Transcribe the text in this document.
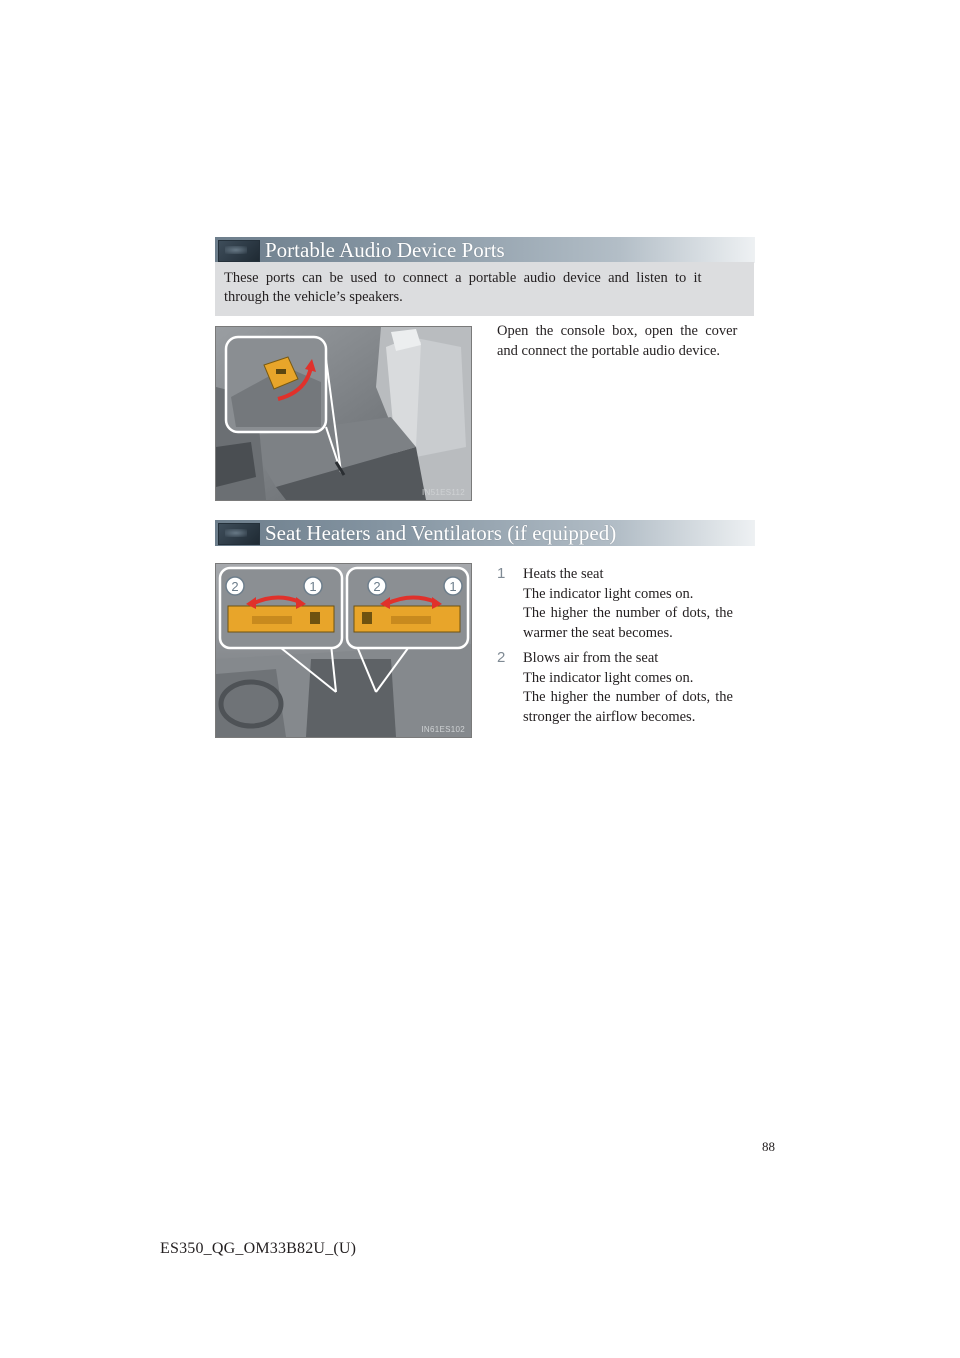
Portable Audio Device Ports
These  ports  can  be  used  to  connect  a  portable  audio  device  and  listen  to  it
through the vehicle’s speakers.
IN51ES112
Open  the  console  box,  open  the  cover
and connect the portable audio device.
Seat Heaters and Ventilators (if equipped)
2	1	2	1
IN61ES102
1	Heats the seat
The indicator light comes on.
The higher the number of dots, the
warmer the seat becomes.
2	Blows air from the seat
The indicator light comes on.
The higher the number of dots, the
stronger the airflow becomes.
88
ES350_QG_OM33B82U_(U)
